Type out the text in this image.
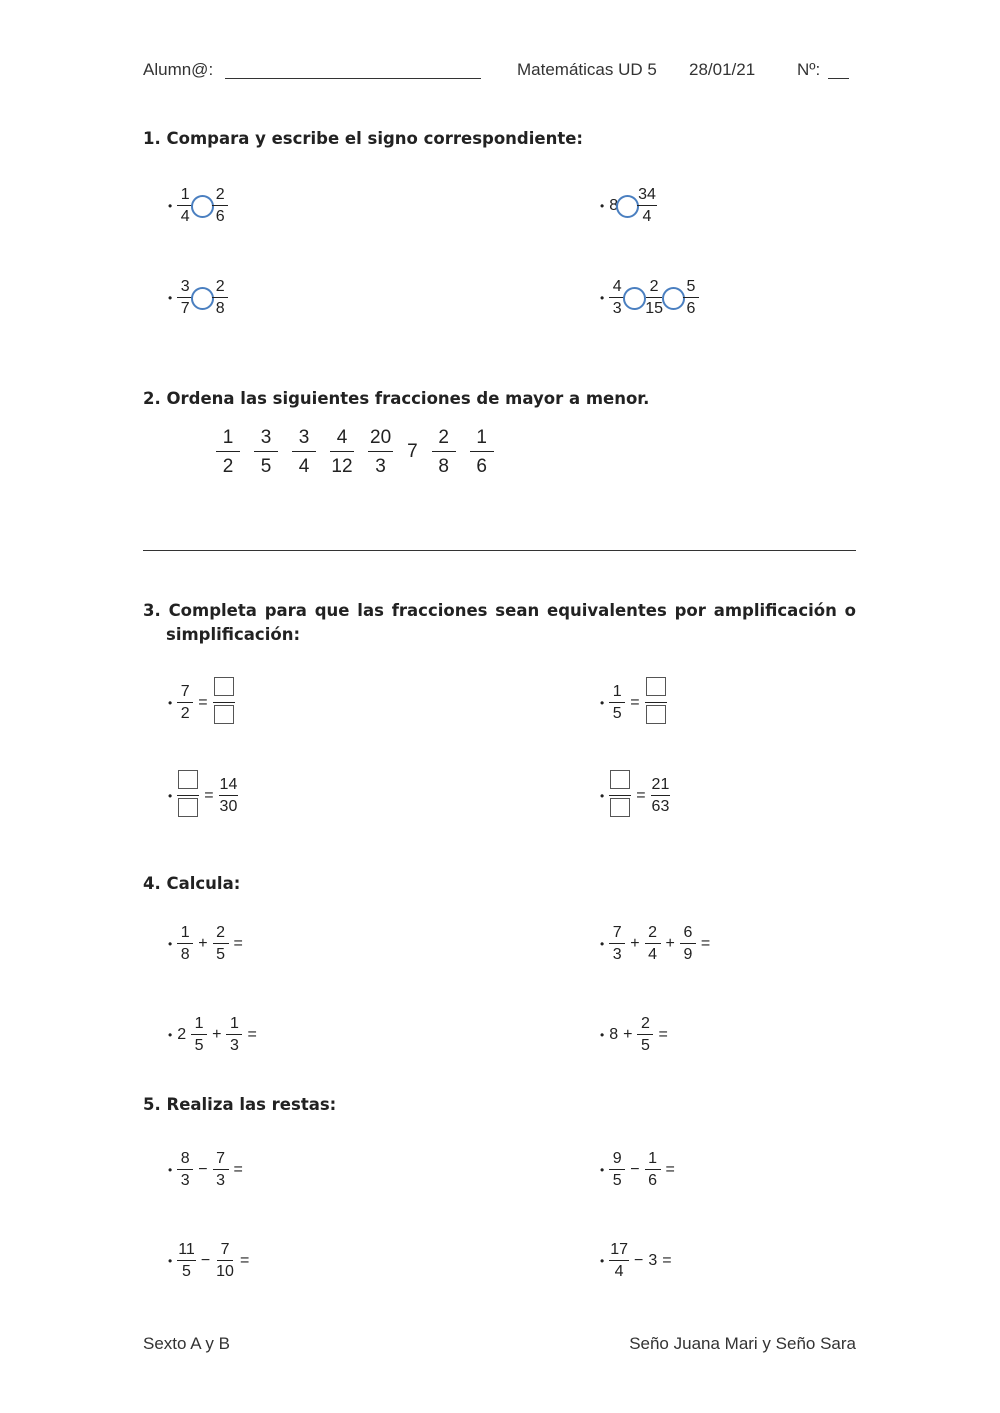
Alumn@:	Matemáticas UD 5 28/01/21 Nº:
1. Compara y escribe el signo correspondiente:
• $\frac{1}{4} \frac{2}{6}$	• $8 \frac{34}{4}$
• $\frac{3}{7} \frac{2}{8}$	• $\frac{4}{3} \frac{2}{15} \frac{5}{6}$
2. Ordena las siguientes fracciones de mayor a menor.
$\frac{1}{2} \frac{3}{5} \frac{3}{4} \frac{4}{12} \frac{20}{3} 7 \frac{2}{8} \frac{1}{6}$
3. Completa para que las fracciones sean equivalentes por amplificación o
simplificación:
• $\frac{7}{2}$ =	• $\frac{1}{5}$ =
• = $\frac{14}{30}$	• = $\frac{21}{63}$
4. Calcula:
• $\frac{1}{8} + \frac{2}{5}$ =	• $\frac{7}{3} + \frac{2}{4} + \frac{6}{9}$ =
• $2 \frac{1}{5} + \frac{1}{3}$ =	• $8 + \frac{2}{5}$ =
5. Realiza las restas:
• $\frac{8}{3} - \frac{7}{3}$ =	• $\frac{9}{5} - \frac{1}{6}$ =
• $\frac{11}{5} - \frac{7}{10}$ =	• $\frac{17}{4} - 3$ =
Sexto A y B	Seño Juana Mari y Seño Sara
